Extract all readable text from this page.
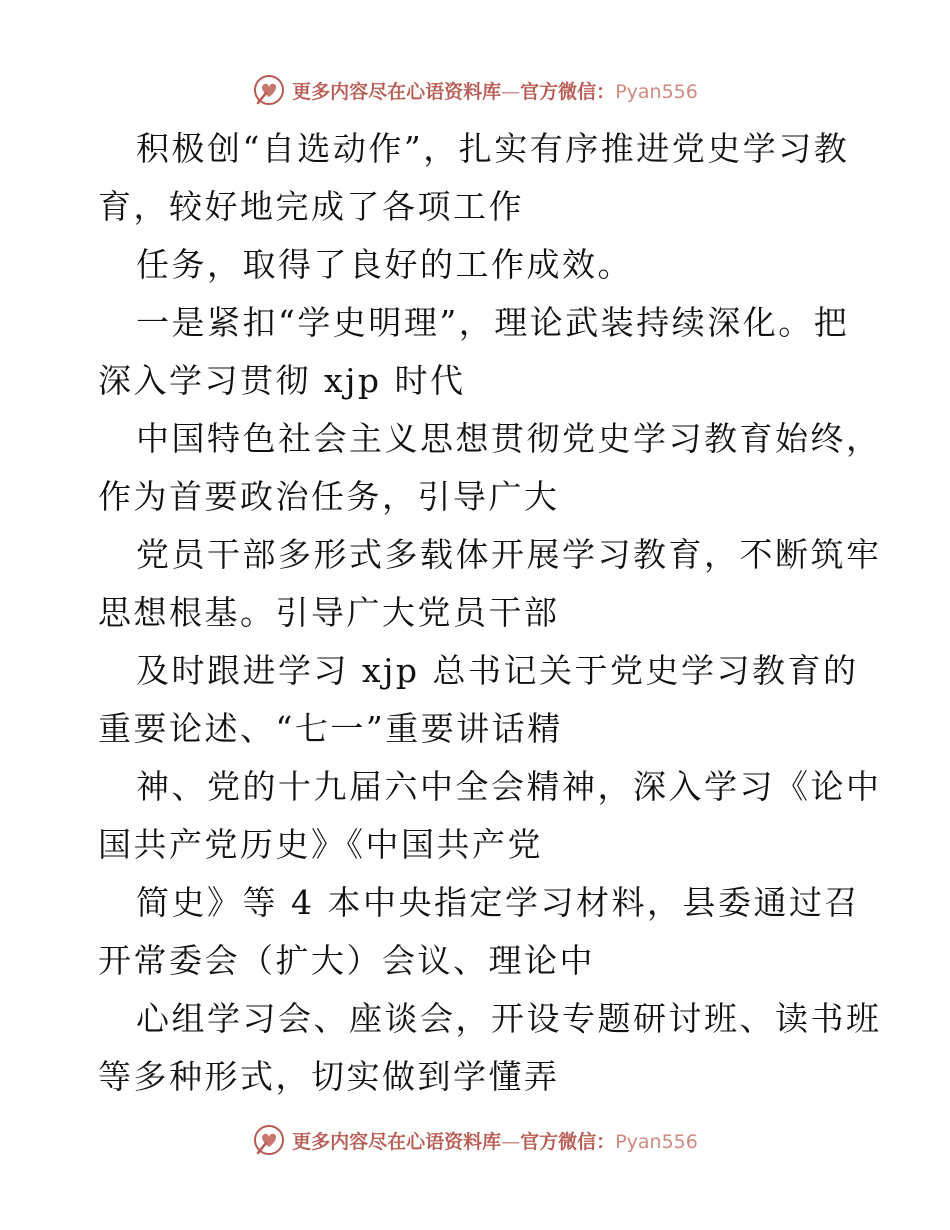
更多内容尽在心语资料库—官方微信：Pyan556
积极创“自选动作”，扎实有序推进党史学习教
育，较好地完成了各项工作
任务，取得了良好的工作成效。
一是紧扣“学史明理”，理论武装持续深化。把
深入学习贯彻 xjp 时代
中国特色社会主义思想贯彻党史学习教育始终，
作为首要政治任务，引导广大
党员干部多形式多载体开展学习教育，不断筑牢
思想根基。引导广大党员干部
及时跟进学习 xjp 总书记关于党史学习教育的
重要论述、“七一”重要讲话精
神、党的十九届六中全会精神，深入学习《论中
国共产党历史》《中国共产党
简史》等 4 本中央指定学习材料，县委通过召
开常委会（扩大）会议、理论中
心组学习会、座谈会，开设专题研讨班、读书班
等多种形式，切实做到学懂弄
更多内容尽在心语资料库—官方微信：Pyan556
